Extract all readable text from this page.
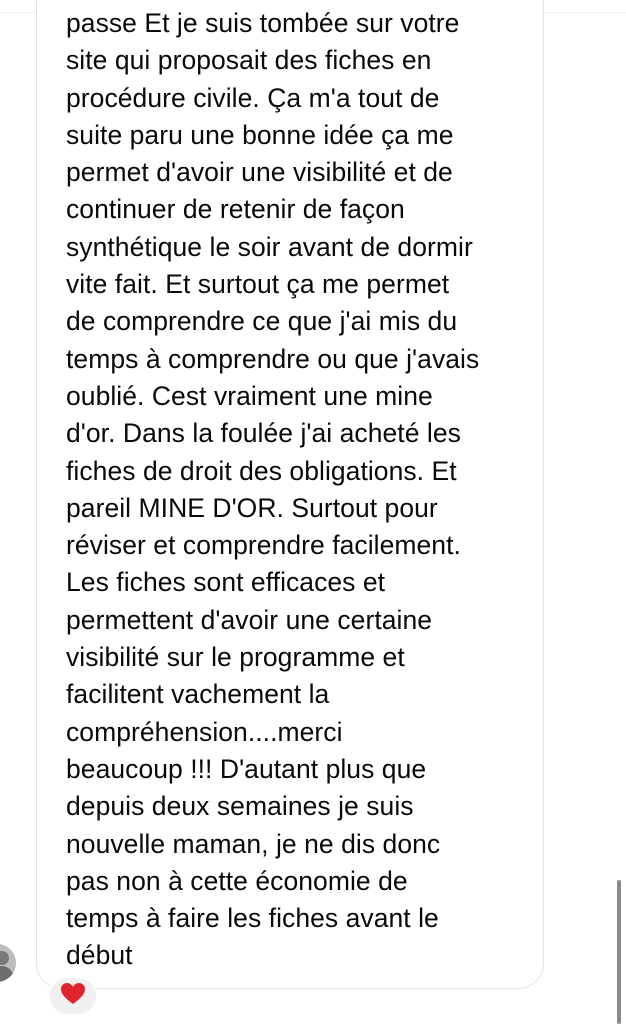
passe Et je suis tombée sur votre
site qui proposait des fiches en
procédure civile. Ça m'a tout de
suite paru une bonne idée ça me
permet d'avoir une visibilité et de
continuer de retenir de façon
synthétique le soir avant de dormir
vite fait. Et surtout ça me permet
de comprendre ce que j'ai mis du
temps à comprendre ou que j'avais
oublié. Cest vraiment une mine
d'or. Dans la foulée j'ai acheté les
fiches de droit des obligations. Et
pareil MINE D'OR. Surtout pour
réviser et comprendre facilement.
Les fiches sont efficaces et
permettent d'avoir une certaine
visibilité sur le programme et
facilitent vachement la
compréhension....merci
beaucoup !!! D'autant plus que
depuis deux semaines je suis
nouvelle maman, je ne dis donc
pas non à cette économie de
temps à faire les fiches avant le
début
